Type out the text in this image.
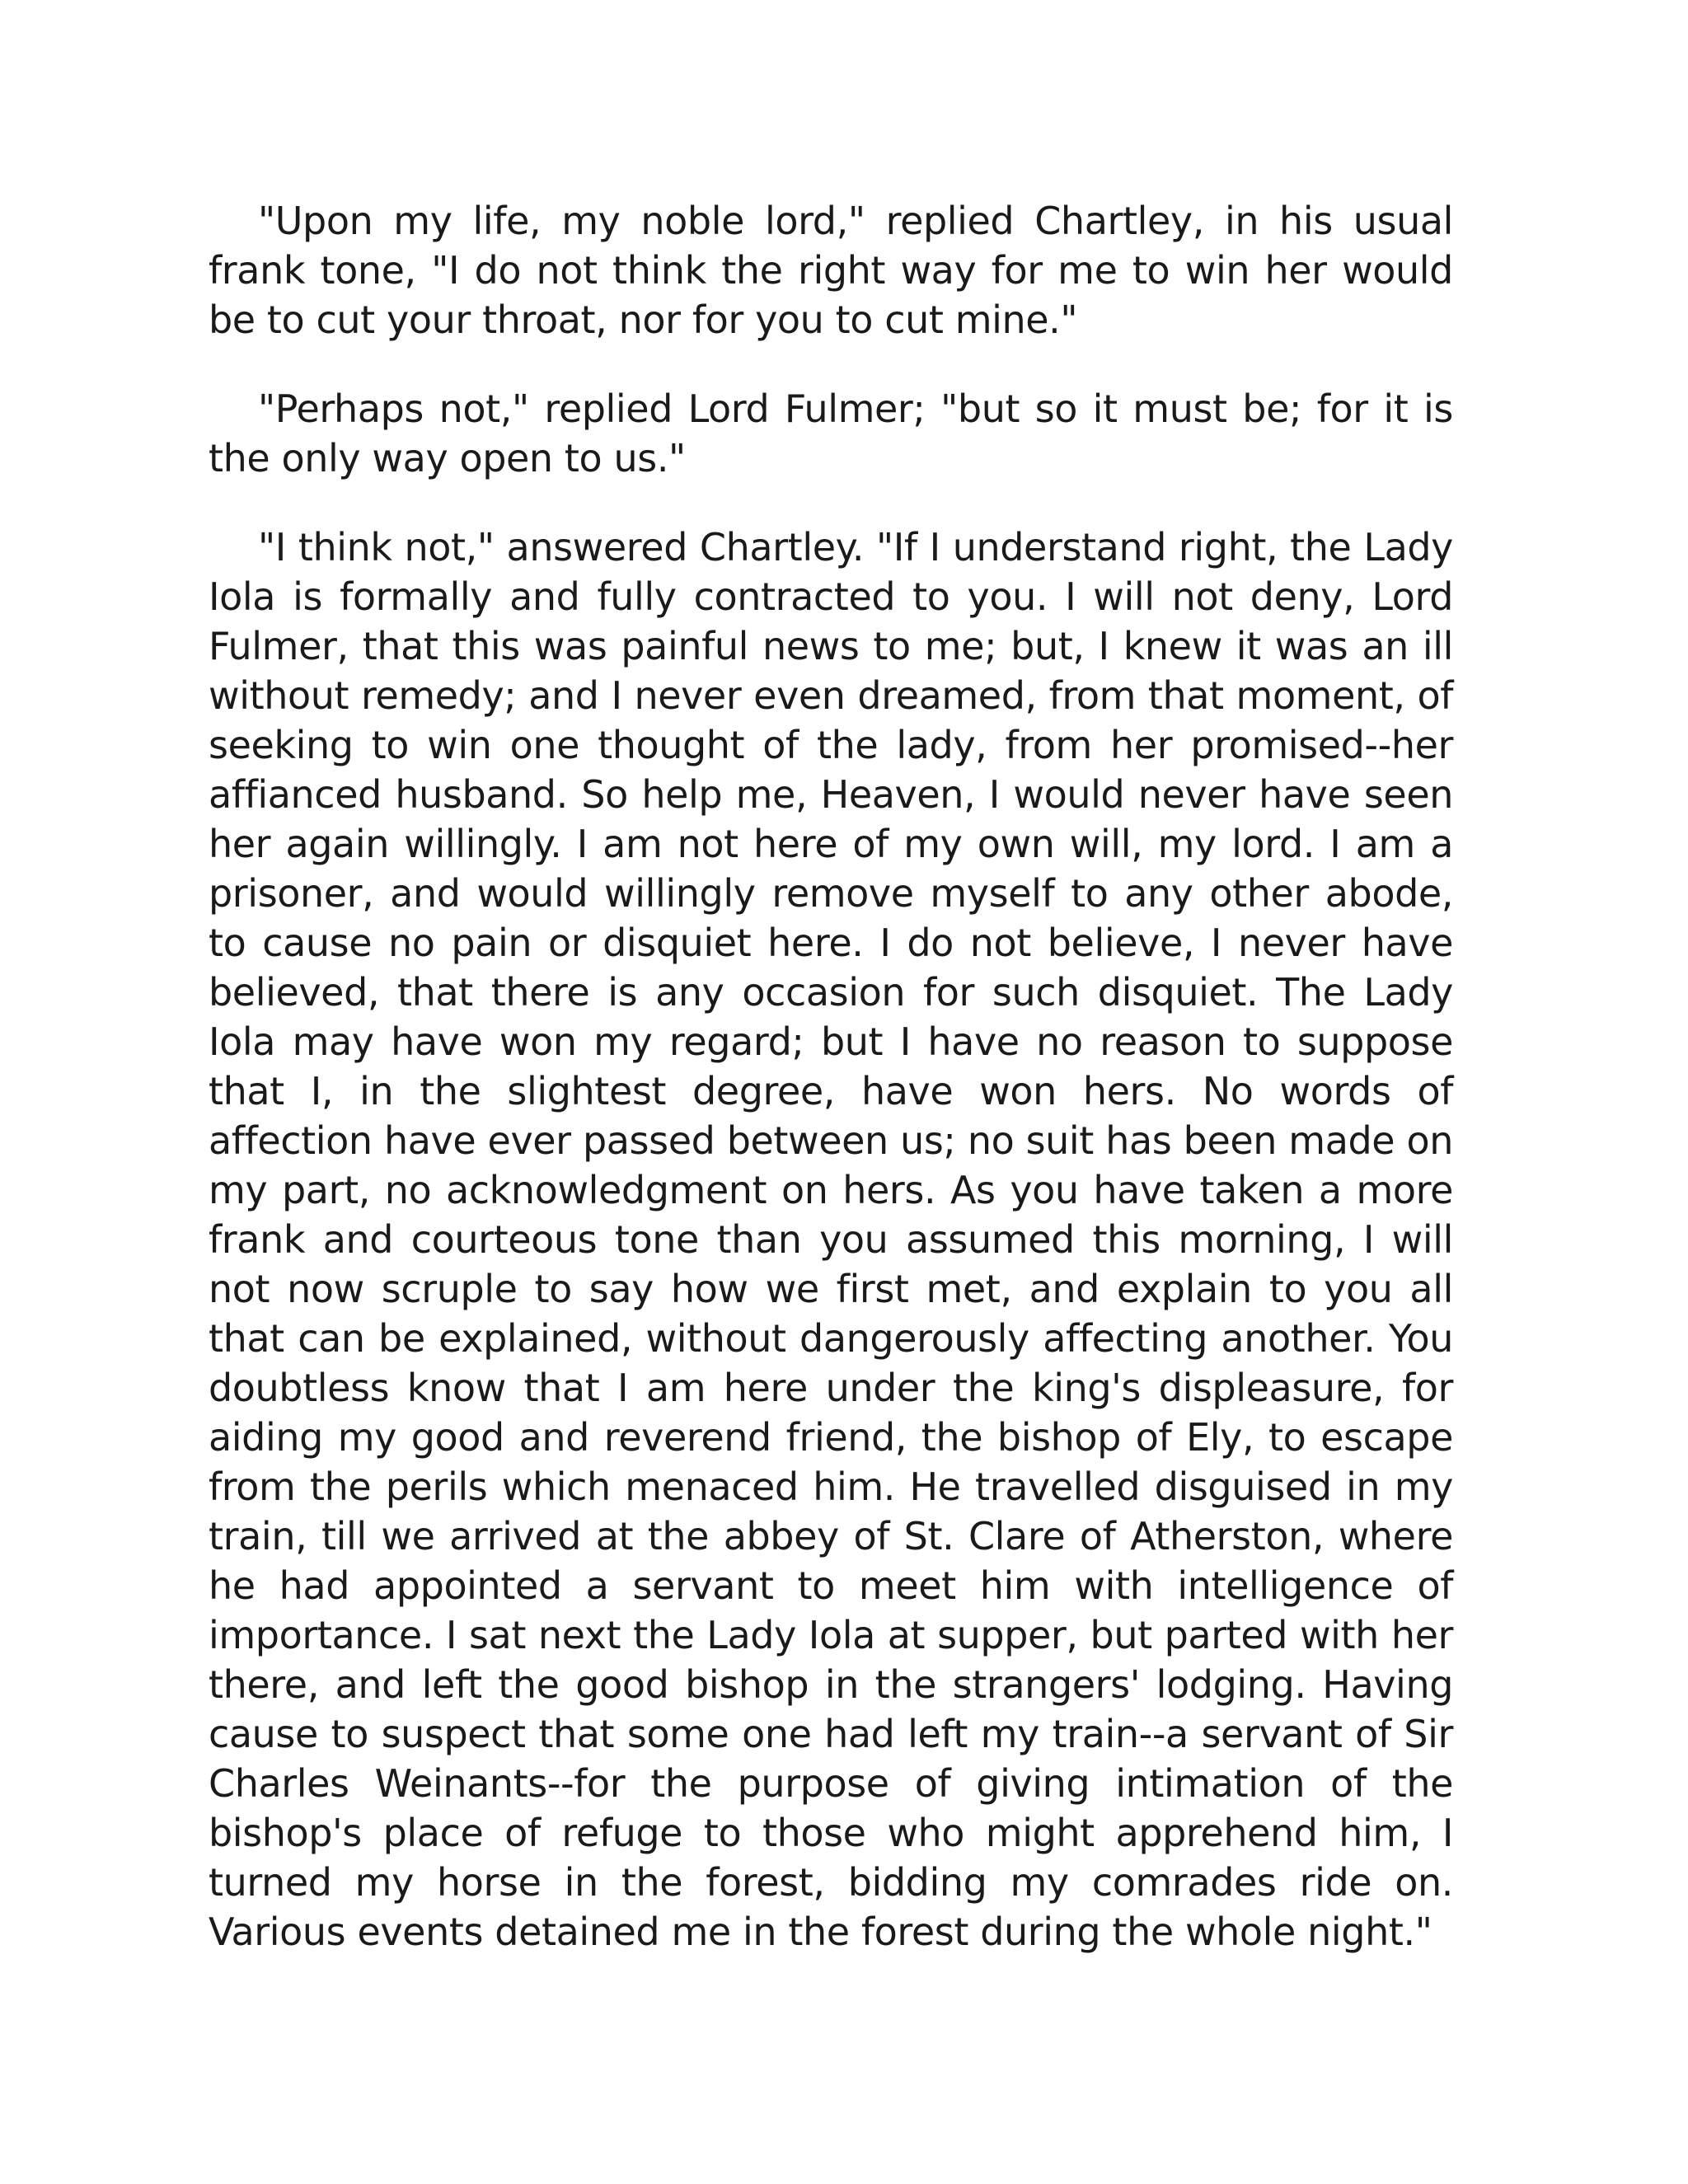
"Upon my life, my noble lord," replied Chartley, in his usual frank tone, "I do not think the right way for me to win her would be to cut your throat, nor for you to cut mine."

"Perhaps not," replied Lord Fulmer; "but so it must be; for it is the only way open to us."

"I think not," answered Chartley. "If I understand right, the Lady Iola is formally and fully contracted to you. I will not deny, Lord Fulmer, that this was painful news to me; but, I knew it was an ill without remedy; and I never even dreamed, from that moment, of seeking to win one thought of the lady, from her promised--her affianced husband. So help me, Heaven, I would never have seen her again willingly. I am not here of my own will, my lord. I am a prisoner, and would willingly remove myself to any other abode, to cause no pain or disquiet here. I do not believe, I never have believed, that there is any occasion for such disquiet. The Lady Iola may have won my regard; but I have no reason to suppose that I, in the slightest degree, have won hers. No words of affection have ever passed between us; no suit has been made on my part, no acknowledgment on hers. As you have taken a more frank and courteous tone than you assumed this morning, I will not now scruple to say how we first met, and explain to you all that can be explained, without dangerously affecting another. You doubtless know that I am here under the king's displeasure, for aiding my good and reverend friend, the bishop of Ely, to escape from the perils which menaced him. He travelled disguised in my train, till we arrived at the abbey of St. Clare of Atherston, where he had appointed a servant to meet him with intelligence of importance. I sat next the Lady Iola at supper, but parted with her there, and left the good bishop in the strangers' lodging. Having cause to suspect that some one had left my train--a servant of Sir Charles Weinants--for the purpose of giving intimation of the bishop's place of refuge to those who might apprehend him, I turned my horse in the forest, bidding my comrades ride on. Various events detained me in the forest during the whole night."
